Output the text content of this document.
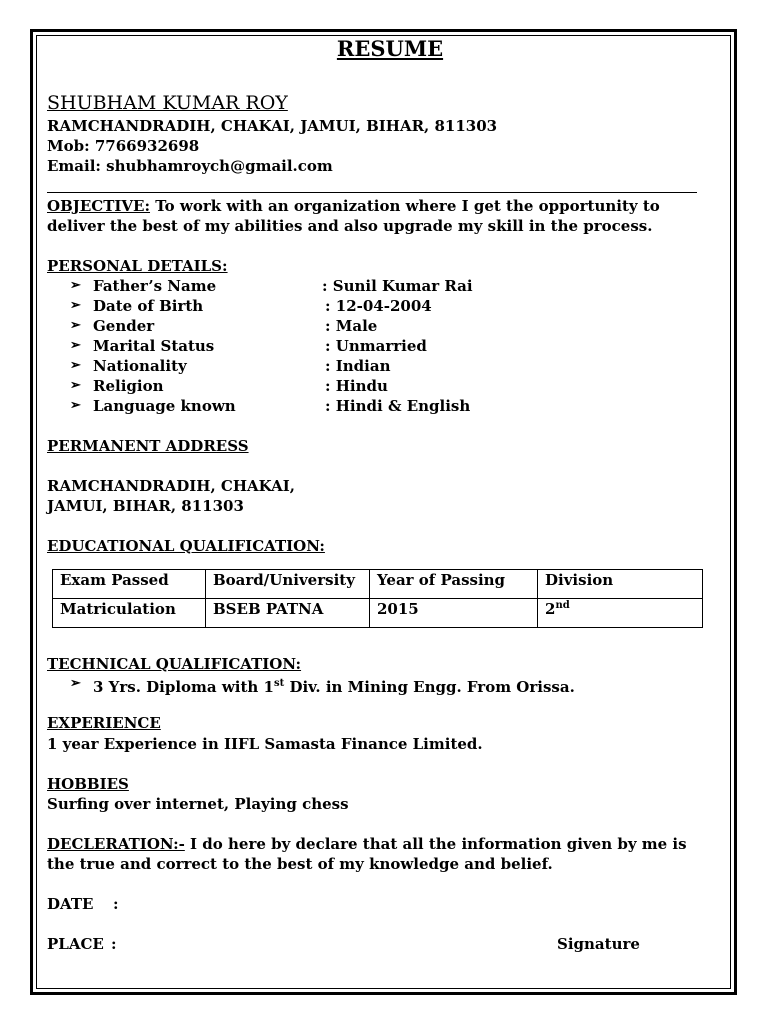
RESUME
SHUBHAM KUMAR ROY
RAMCHANDRADIH, CHAKAI, JAMUI, BIHAR, 811303
Mob: 7766932698
Email: shubhamroych@gmail.com
OBJECTIVE: To work with an organization where I get the opportunity to deliver the best of my abilities and also upgrade my skill in the process.
PERSONAL DETAILS:
➢ Father’s Name	: Sunil Kumar Rai
➢ Date of Birth	: 12-04-2004
➢ Gender	: Male
➢ Marital Status	: Unmarried
➢ Nationality	: Indian
➢ Religion	: Hindu
➢ Language known	: Hindi & English
PERMANENT ADDRESS
RAMCHANDRADIH, CHAKAI,
JAMUI, BIHAR, 811303
EDUCATIONAL QUALIFICATION:
Exam Passed	Board/University	Year of Passing	Division
Matriculation	BSEB PATNA	2015	2nd
TECHNICAL QUALIFICATION:
➢ 3 Yrs. Diploma with 1st Div. in Mining Engg. From Orissa.
EXPERIENCE
1 year Experience in IIFL Samasta Finance Limited.
HOBBIES
Surfing over internet, Playing chess
DECLERATION:- I do here by declare that all the information given by me is the true and correct to the best of my knowledge and belief.
DATE :
PLACE :	Signature
